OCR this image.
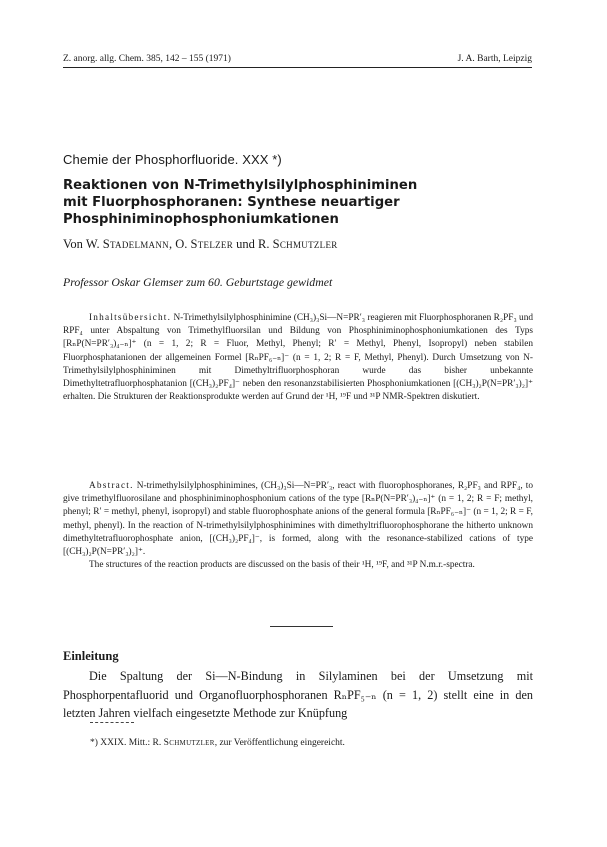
Z. anorg. allg. Chem. 385, 142 – 155 (1971)	J. A. Barth, Leipzig
Chemie der Phosphorfluoride. XXX *)
Reaktionen von N-Trimethylsilylphosphiniminen
mit Fluorphosphoranen: Synthese neuartiger
Phosphiniminophosphoniumkationen
Von W. Stadelmann, O. Stelzer und R. Schmutzler
Professor Oskar Glemser zum 60. Geburtstage gewidmet
Inhaltsübersicht. N-Trimethylsilylphosphinimine (CH₃)₃Si—N=PR′₃ reagieren mit Fluorphosphoranen R₂PF₃ und RPF₄ unter Abspaltung von Trimethylfluorsilan und Bildung von Phosphiniminophosphoniumkationen des Typs [RₙP(N=PR′₃)₄₋ₙ]⁺ (n = 1, 2; R = Fluor, Methyl, Phenyl; R′ = Methyl, Phenyl, Isopropyl) neben stabilen Fluorphosphatanionen der allgemeinen Formel [RₙPF₆₋ₙ]⁻ (n = 1, 2; R = F, Methyl, Phenyl). Durch Umsetzung von N-Trimethylsilylphosphiniminen mit Dimethyltrifluorphosphoran wurde das bisher unbekannte Dimethyltetrafluorphosphatanion [(CH₃)₂PF₄]⁻ neben den resonanzstabilisierten Phosphoniumkationen [(CH₃)₂P(N=PR′₃)₂]⁺ erhalten. Die Strukturen der Reaktionsprodukte werden auf Grund der ¹H, ¹⁹F und ³¹P NMR-Spektren diskutiert.
Abstract. N-trimethylsilylphosphinimines, (CH₃)₃Si—N=PR′₃, react with fluorophosphoranes, R₂PF₃ and RPF₄, to give trimethylfluorosilane and phosphiniminophosphonium cations of the type [RₙP(N=PR′₃)₄₋ₙ]⁺ (n = 1, 2; R = F; methyl, phenyl; R′ = methyl, phenyl, isopropyl) and stable fluorophosphate anions of the general formula [RₙPF₆₋ₙ]⁻ (n = 1, 2; R = F, methyl, phenyl). In the reaction of N-trimethylsilylphosphinimines with dimethyltrifluorophosphorane the hitherto unknown dimethyltetrafluorophosphate anion, [(CH₃)₂PF₄]⁻, is formed, along with the resonance-stabilized cations of type [(CH₃)₂P(N=PR′₃)₂]⁺.
The structures of the reaction products are discussed on the basis of their ¹H, ¹⁹F, and ³¹P N.m.r.-spectra.
Einleitung
Die Spaltung der Si—N-Bindung in Silylaminen bei der Umsetzung mit Phosphorpentafluorid und Organofluorphosphoranen RₙPF₅₋ₙ (n = 1, 2) stellt eine in den letzten Jahren vielfach eingesetzte Methode zur Knüpfung
*) XXIX. Mitt.: R. Schmutzler, zur Veröffentlichung eingereicht.
